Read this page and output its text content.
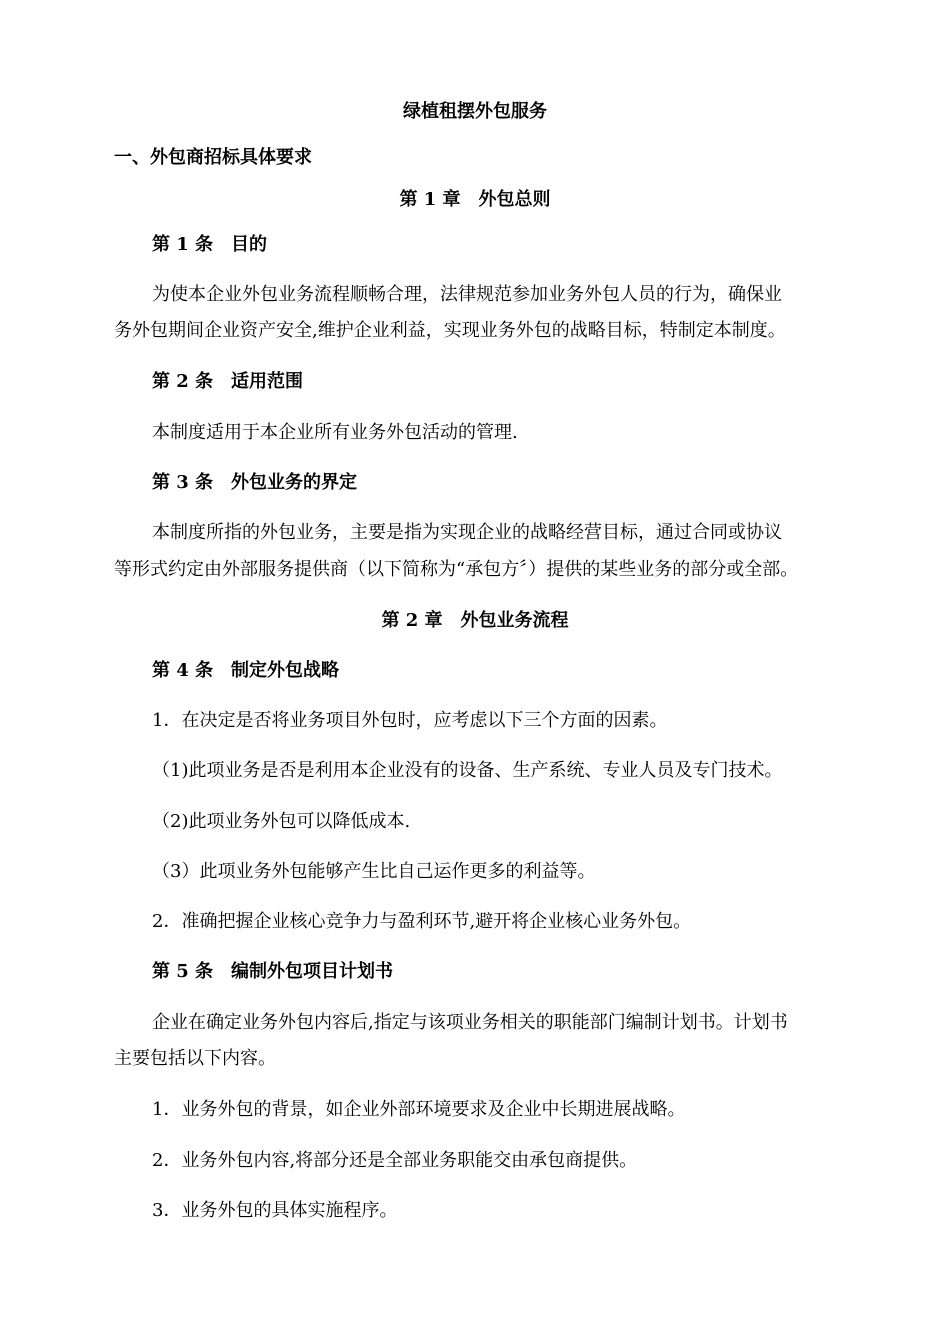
绿植租摆外包服务
一、外包商招标具体要求
第 1 章　外包总则
第 1 条　目的
为使本企业外包业务流程顺畅合理，法律规范参加业务外包人员的行为，确保业
务外包期间企业资产安全,维护企业利益，实现业务外包的战略目标，特制定本制度。
第 2 条　适用范围
本制度适用于本企业所有业务外包活动的管理.
第 3 条　外包业务的界定
本制度所指的外包业务，主要是指为实现企业的战略经营目标，通过合同或协议
等形式约定由外部服务提供商（以下简称为“承包方〞）提供的某些业务的部分或全部。
第 2 章　外包业务流程
第 4 条　制定外包战略
1．在决定是否将业务项目外包时，应考虑以下三个方面的因素。
（1)此项业务是否是利用本企业没有的设备、生产系统、专业人员及专门技术。
（2)此项业务外包可以降低成本.
（3）此项业务外包能够产生比自己运作更多的利益等。
2．准确把握企业核心竞争力与盈利环节,避开将企业核心业务外包。
第 5 条　编制外包项目计划书
企业在确定业务外包内容后,指定与该项业务相关的职能部门编制计划书。计划书
主要包括以下内容。
1．业务外包的背景，如企业外部环境要求及企业中长期进展战略。
2．业务外包内容,将部分还是全部业务职能交由承包商提供。
3．业务外包的具体实施程序。
